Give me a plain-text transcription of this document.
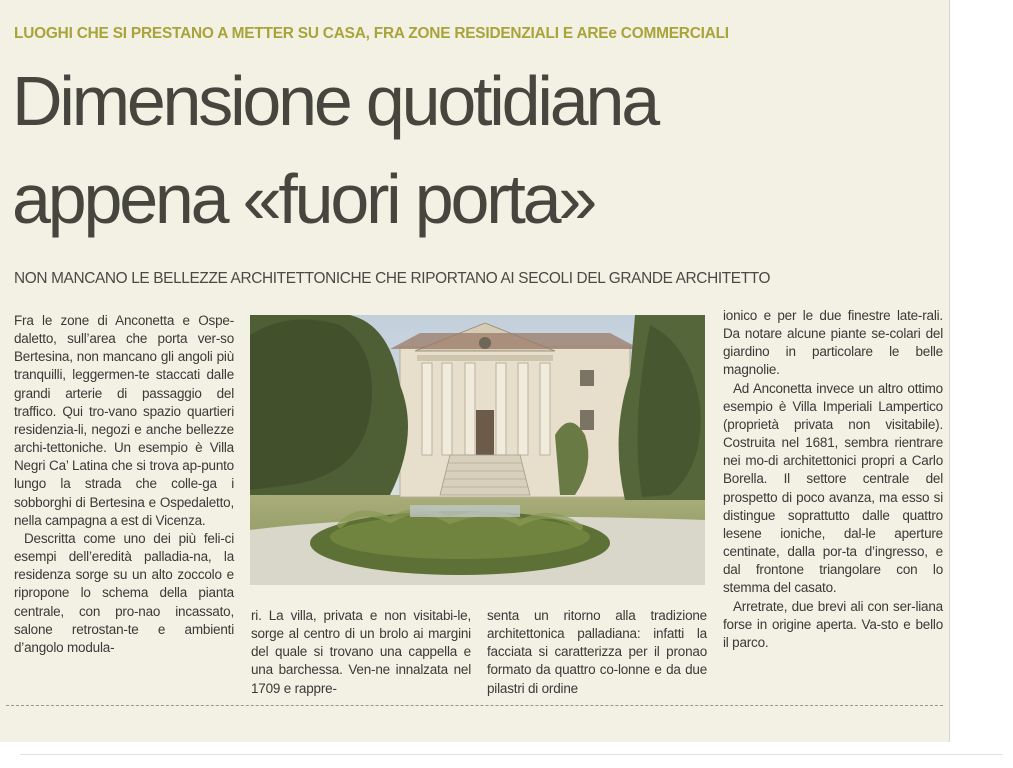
LUOGHI CHE SI PRESTANO A METTER SU CASA, FRA ZONE RESIDENZIALI E AREe COMMERCIALI
Dimensione quotidiana
appena «fuori porta»
NON MANCANO LE BELLEZZE ARCHITETTONICHE CHE RIPORTANO AI SECOLI DEL GRANDE ARCHITETTO

Fra le zone di Anconetta e Ospe-daletto, sull’area che porta ver-so Bertesina, non mancano gli angoli più tranquilli, leggermen-te staccati dalle grandi arterie di passaggio del traffico. Qui tro-vano spazio quartieri residenzia-li, negozi e anche bellezze archi-tettoniche. Un esempio è Villa Negri Ca’ Latina che si trova ap-punto lungo la strada che colle-ga i sobborghi di Bertesina e Ospedaletto, nella campagna a est di Vicenza.

Descritta come uno dei più feli-ci esempi dell’eredità palladia-na, la residenza sorge su un alto zoccolo e ripropone lo schema della pianta centrale, con pro-nao incassato, salone retrostan-te e ambienti d’angolo modula-

ri. La villa, privata e non visitabi-le, sorge al centro di un brolo ai margini del quale si trovano una cappella e una barchessa. Ven-ne innalzata nel 1709 e rappre-

senta un ritorno alla tradizione architettonica palladiana: infatti la facciata si caratterizza per il pronao formato da quattro co-lonne e da due pilastri di ordine

ionico e per le due finestre late-rali. Da notare alcune piante se-colari del giardino in particolare le belle magnolie.

Ad Anconetta invece un altro ottimo esempio è Villa Imperiali Lampertico (proprietà privata non visitabile). Costruita nel 1681, sembra rientrare nei mo-di architettonici propri a Carlo Borella. Il settore centrale del prospetto di poco avanza, ma esso si distingue soprattutto dalle quattro lesene ioniche, dal-le aperture centinate, dalla por-ta d’ingresso, e dal frontone triangolare con lo stemma del casato.

Arretrate, due brevi ali con ser-liana forse in origine aperta. Va-sto e bello il parco.
